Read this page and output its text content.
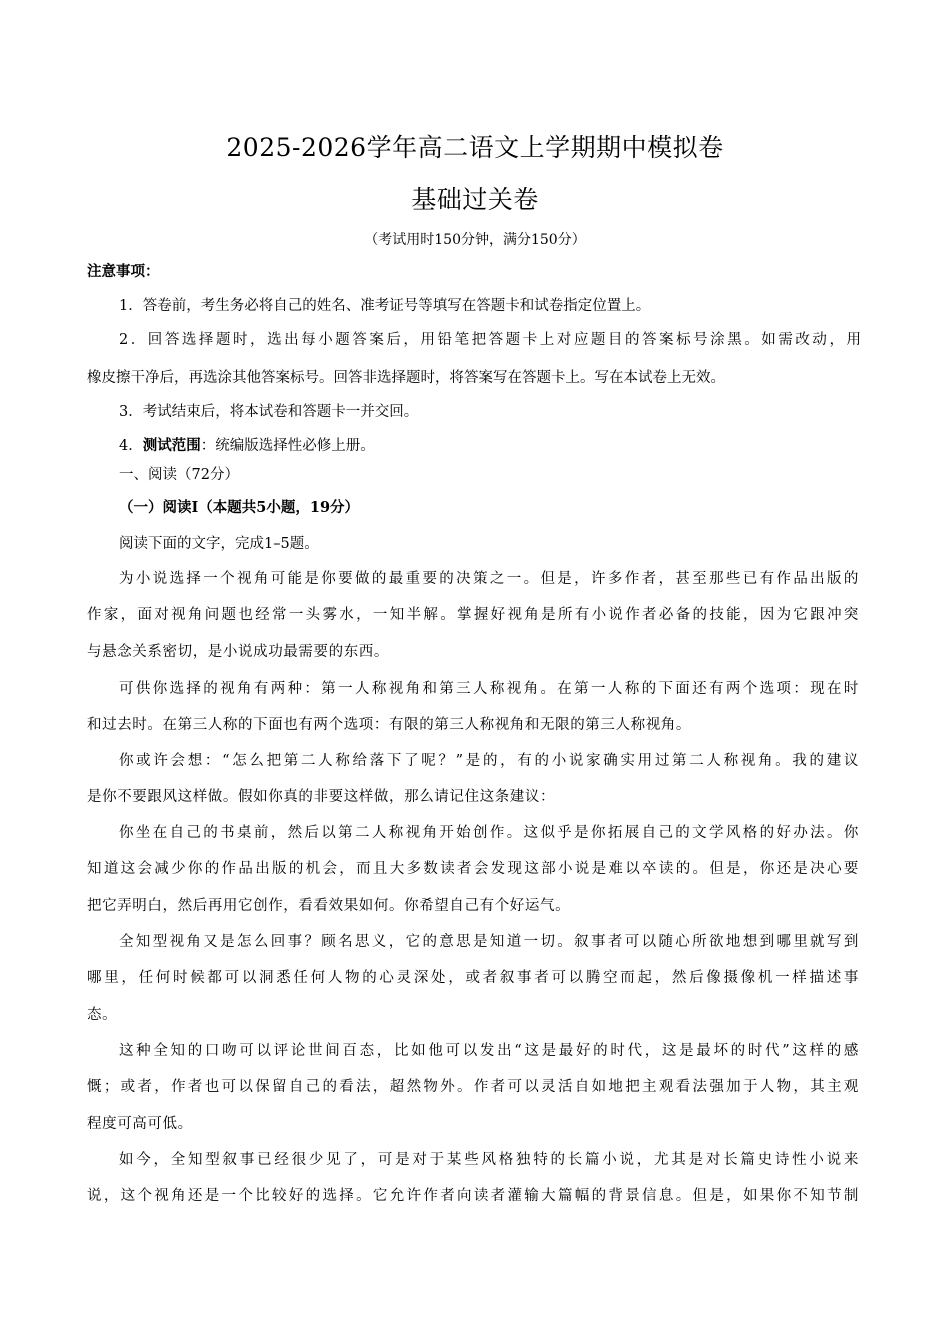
2025-2026学年高二语文上学期期中模拟卷
基础过关卷
（考试用时150分钟，满分150分）
注意事项：
1．答卷前，考生务必将自己的姓名、准考证号等填写在答题卡和试卷指定位置上。
2．回答选择题时，选出每小题答案后，用铅笔把答题卡上对应题目的答案标号涂黑。如需改动，用
橡皮擦干净后，再选涂其他答案标号。回答非选择题时，将答案写在答题卡上。写在本试卷上无效。
3．考试结束后，将本试卷和答题卡一并交回。
4．测试范围：统编版选择性必修上册。
一、阅读（72分）
（一）阅读Ⅰ（本题共5小题，19分）
阅读下面的文字，完成1–5题。
为小说选择一个视角可能是你要做的最重要的决策之一。但是，许多作者，甚至那些已有作品出版的
作家，面对视角问题也经常一头雾水，一知半解。掌握好视角是所有小说作者必备的技能，因为它跟冲突
与悬念关系密切，是小说成功最需要的东西。
可供你选择的视角有两种：第一人称视角和第三人称视角。在第一人称的下面还有两个选项：现在时
和过去时。在第三人称的下面也有两个选项：有限的第三人称视角和无限的第三人称视角。
你或许会想：“怎么把第二人称给落下了呢？”是的，有的小说家确实用过第二人称视角。我的建议
是你不要跟风这样做。假如你真的非要这样做，那么请记住这条建议：
你坐在自己的书桌前，然后以第二人称视角开始创作。这似乎是你拓展自己的文学风格的好办法。你
知道这会减少你的作品出版的机会，而且大多数读者会发现这部小说是难以卒读的。但是，你还是决心要
把它弄明白，然后再用它创作，看看效果如何。你希望自己有个好运气。
全知型视角又是怎么回事？顾名思义，它的意思是知道一切。叙事者可以随心所欲地想到哪里就写到
哪里，任何时候都可以洞悉任何人物的心灵深处，或者叙事者可以腾空而起，然后像摄像机一样描述事
态。
这种全知的口吻可以评论世间百态，比如他可以发出“这是最好的时代，这是最坏的时代”这样的感
慨；或者，作者也可以保留自己的看法，超然物外。作者可以灵活自如地把主观看法强加于人物，其主观
程度可高可低。
如今，全知型叙事已经很少见了，可是对于某些风格独特的长篇小说，尤其是对长篇史诗性小说来
说，这个视角还是一个比较好的选择。它允许作者向读者灌输大篇幅的背景信息。但是，如果你不知节制
